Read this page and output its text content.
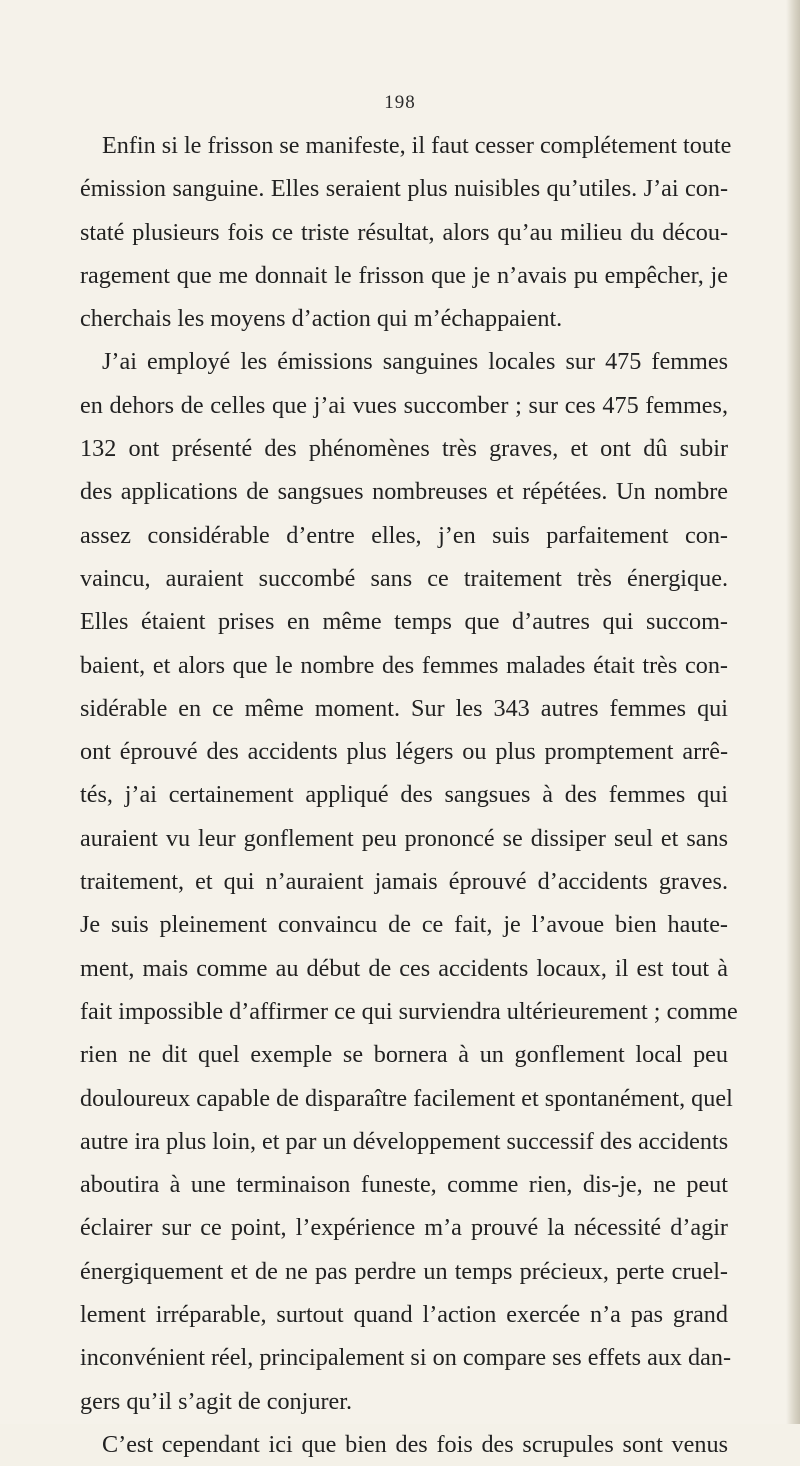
198
Enfin si le frisson se manifeste, il faut cesser complétement toute
émission sanguine. Elles seraient plus nuisibles qu’utiles. J’ai con-
staté plusieurs fois ce triste résultat, alors qu’au milieu du décou-
ragement que me donnait le frisson que je n’avais pu empêcher, je
cherchais les moyens d’action qui m’échappaient.
J’ai employé les émissions sanguines locales sur 475 femmes
en dehors de celles que j’ai vues succomber ; sur ces 475 femmes,
132 ont présenté des phénomènes très graves, et ont dû subir
des applications de sangsues nombreuses et répétées. Un nombre
assez considérable d’entre elles, j’en suis parfaitement con-
vaincu, auraient succombé sans ce traitement très énergique.
Elles étaient prises en même temps que d’autres qui succom-
baient, et alors que le nombre des femmes malades était très con-
sidérable en ce même moment. Sur les 343 autres femmes qui
ont éprouvé des accidents plus légers ou plus promptement arrê-
tés, j’ai certainement appliqué des sangsues à des femmes qui
auraient vu leur gonflement peu prononcé se dissiper seul et sans
traitement, et qui n’auraient jamais éprouvé d’accidents graves.
Je suis pleinement convaincu de ce fait, je l’avoue bien haute-
ment, mais comme au début de ces accidents locaux, il est tout à
fait impossible d’affirmer ce qui surviendra ultérieurement ; comme
rien ne dit quel exemple se bornera à un gonflement local peu
douloureux capable de disparaître facilement et spontanément, quel
autre ira plus loin, et par un développement successif des accidents
aboutira à une terminaison funeste, comme rien, dis-je, ne peut
éclairer sur ce point, l’expérience m’a prouvé la nécessité d’agir
énergiquement et de ne pas perdre un temps précieux, perte cruel-
lement irréparable, surtout quand l’action exercée n’a pas grand
inconvénient réel, principalement si on compare ses effets aux dan-
gers qu’il s’agit de conjurer.
C’est cependant ici que bien des fois des scrupules sont venus
